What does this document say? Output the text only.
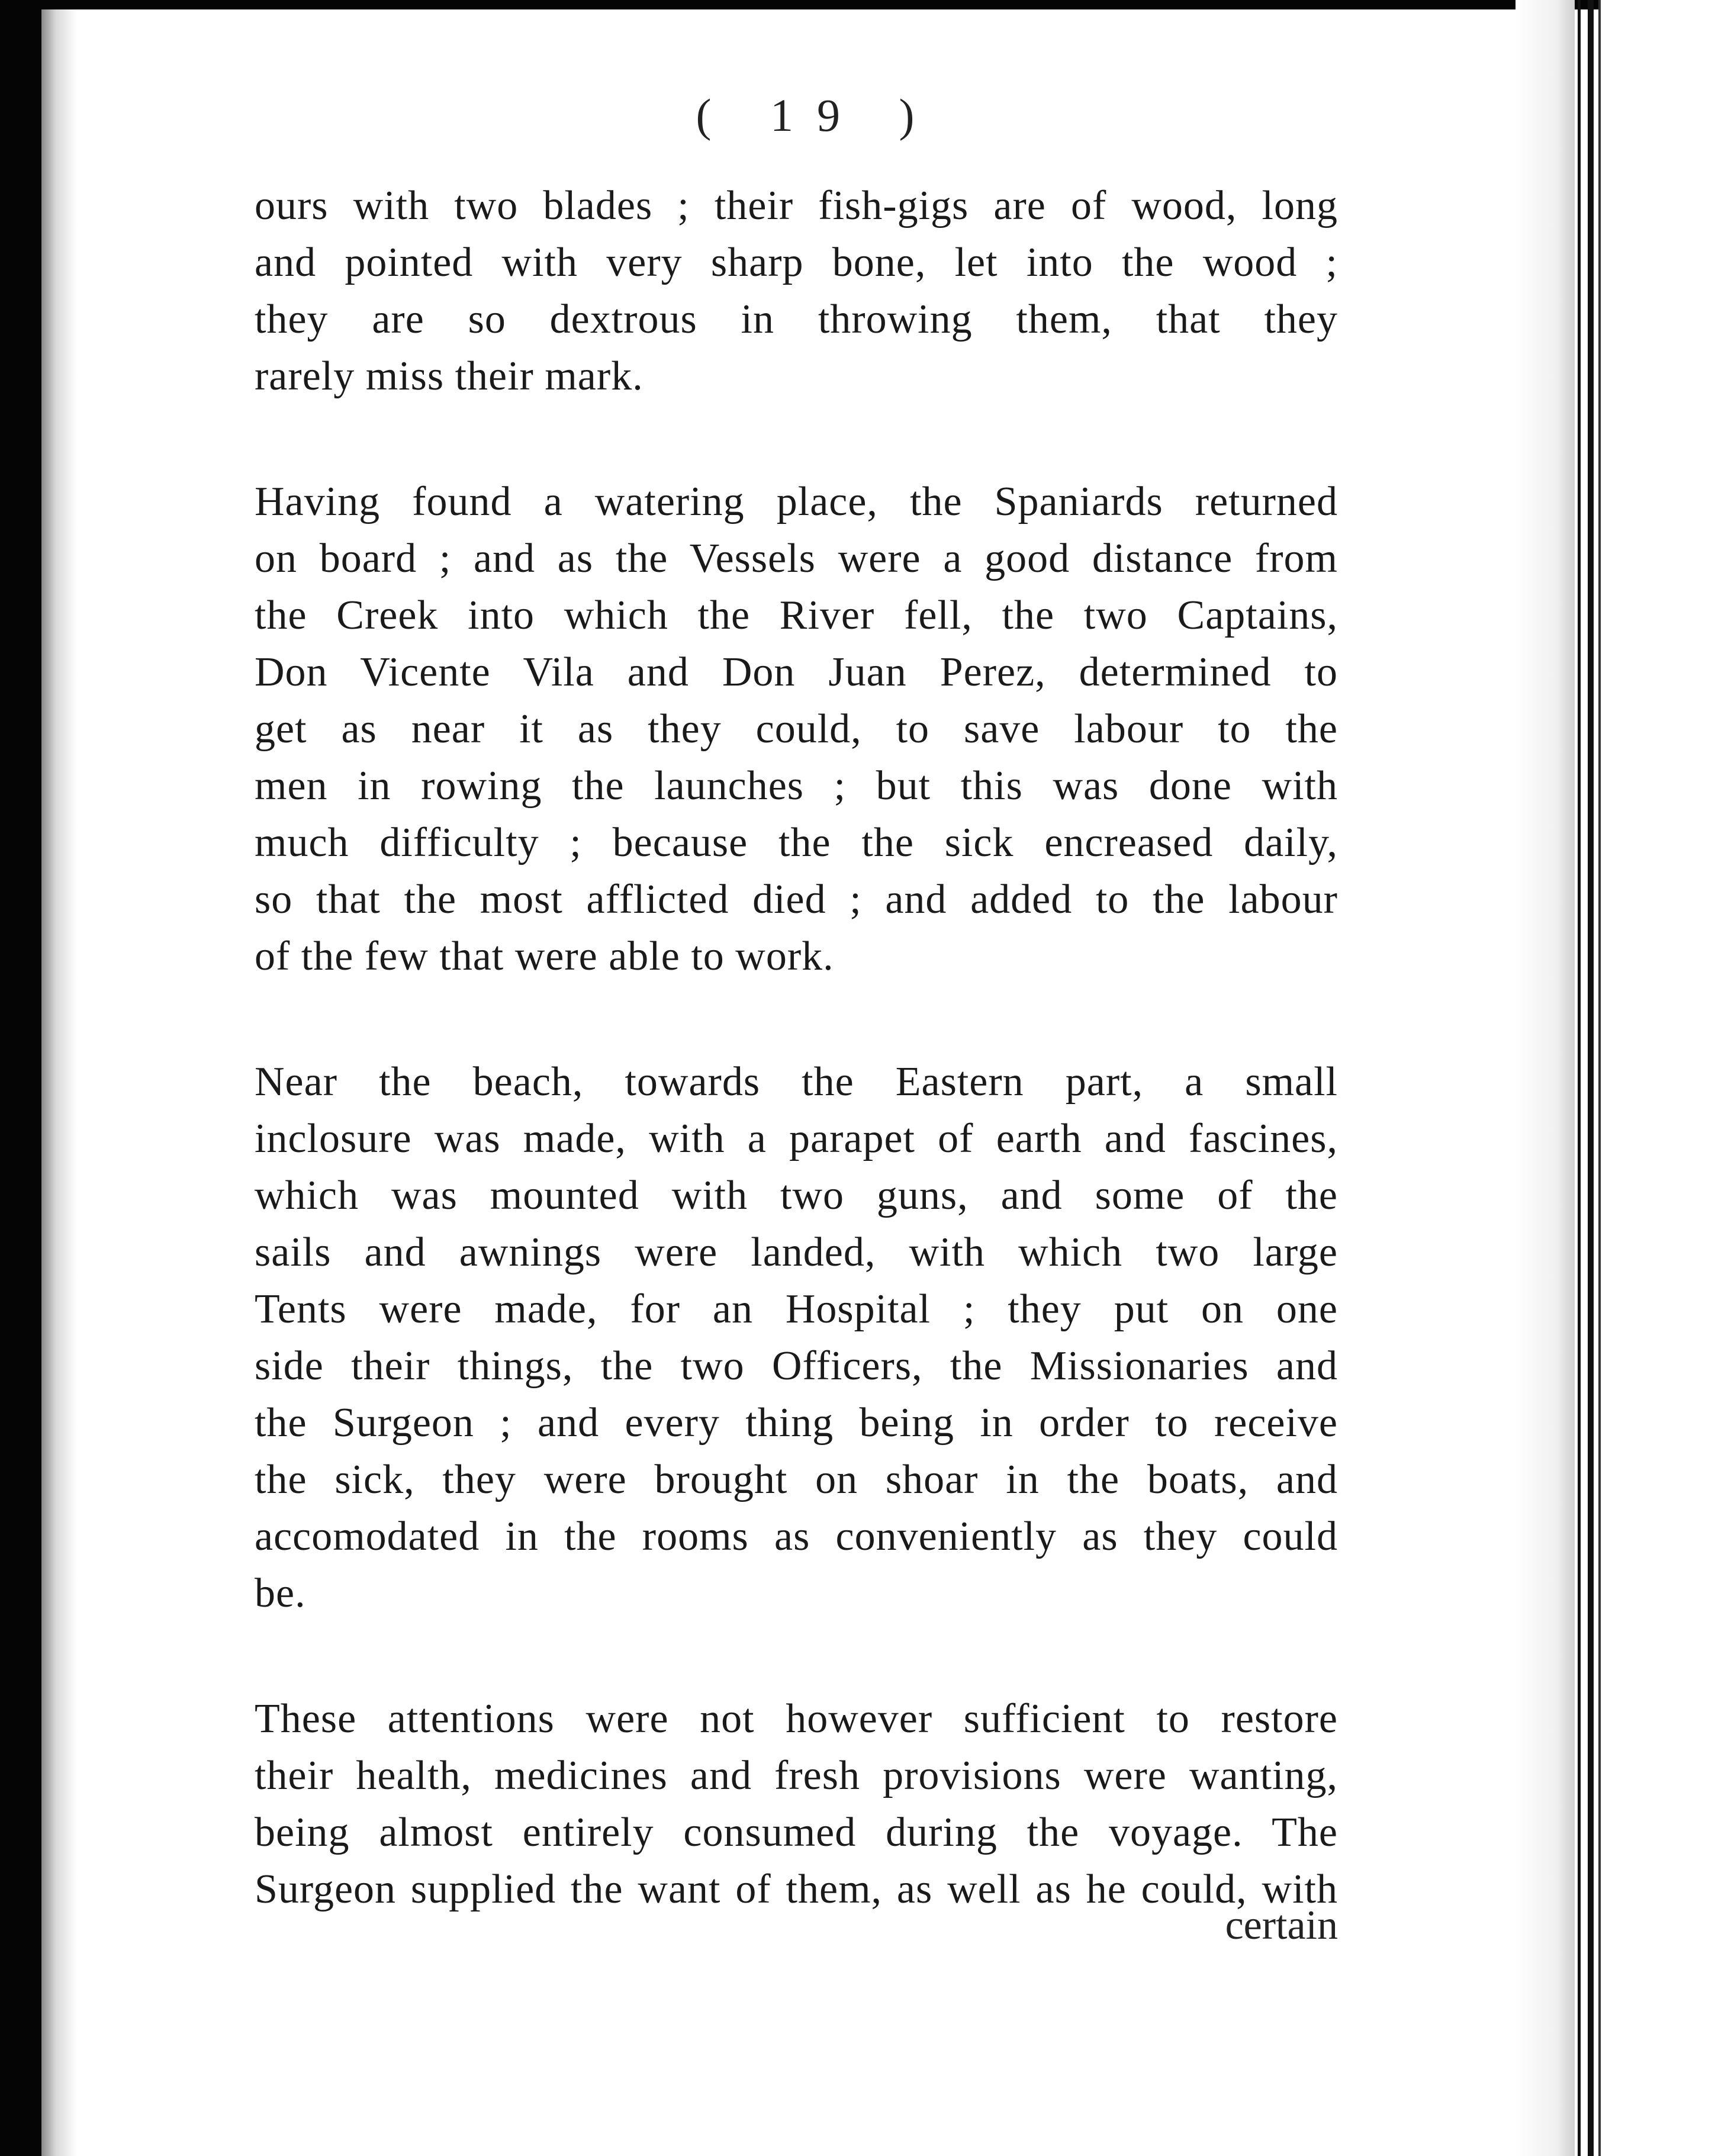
( 19 )

ours with two blades ; their fish-gigs are of wood, long
and pointed with very sharp bone, let into the wood ;
they are so dextrous in throwing them, that they
rarely miss their mark.

Having found a watering place, the Spaniards returned
on board ; and as the Vessels were a good distance from
the Creek into which the River fell, the two Captains,
Don Vicente Vila and Don Juan Perez, determined to
get as near it as they could, to save labour to the
men in rowing the launches ; but this was done with
much difficulty ; because the the sick encreased daily,
so that the most afflicted died ; and added to the labour
of the few that were able to work.

Near the beach, towards the Eastern part, a small
inclosure was made, with a parapet of earth and fascines,
which was mounted with two guns, and some of the
sails and awnings were landed, with which two large
Tents were made, for an Hospital ; they put on one
side their things, the two Officers, the Missionaries and
the Surgeon ; and every thing being in order to receive
the sick, they were brought on shoar in the boats, and
accomodated in the rooms as conveniently as they could
be.

These attentions were not however sufficient to restore
their health, medicines and fresh provisions were wanting,
being almost entirely consumed during the voyage. The
Surgeon supplied the want of them, as well as he could, with

certain
